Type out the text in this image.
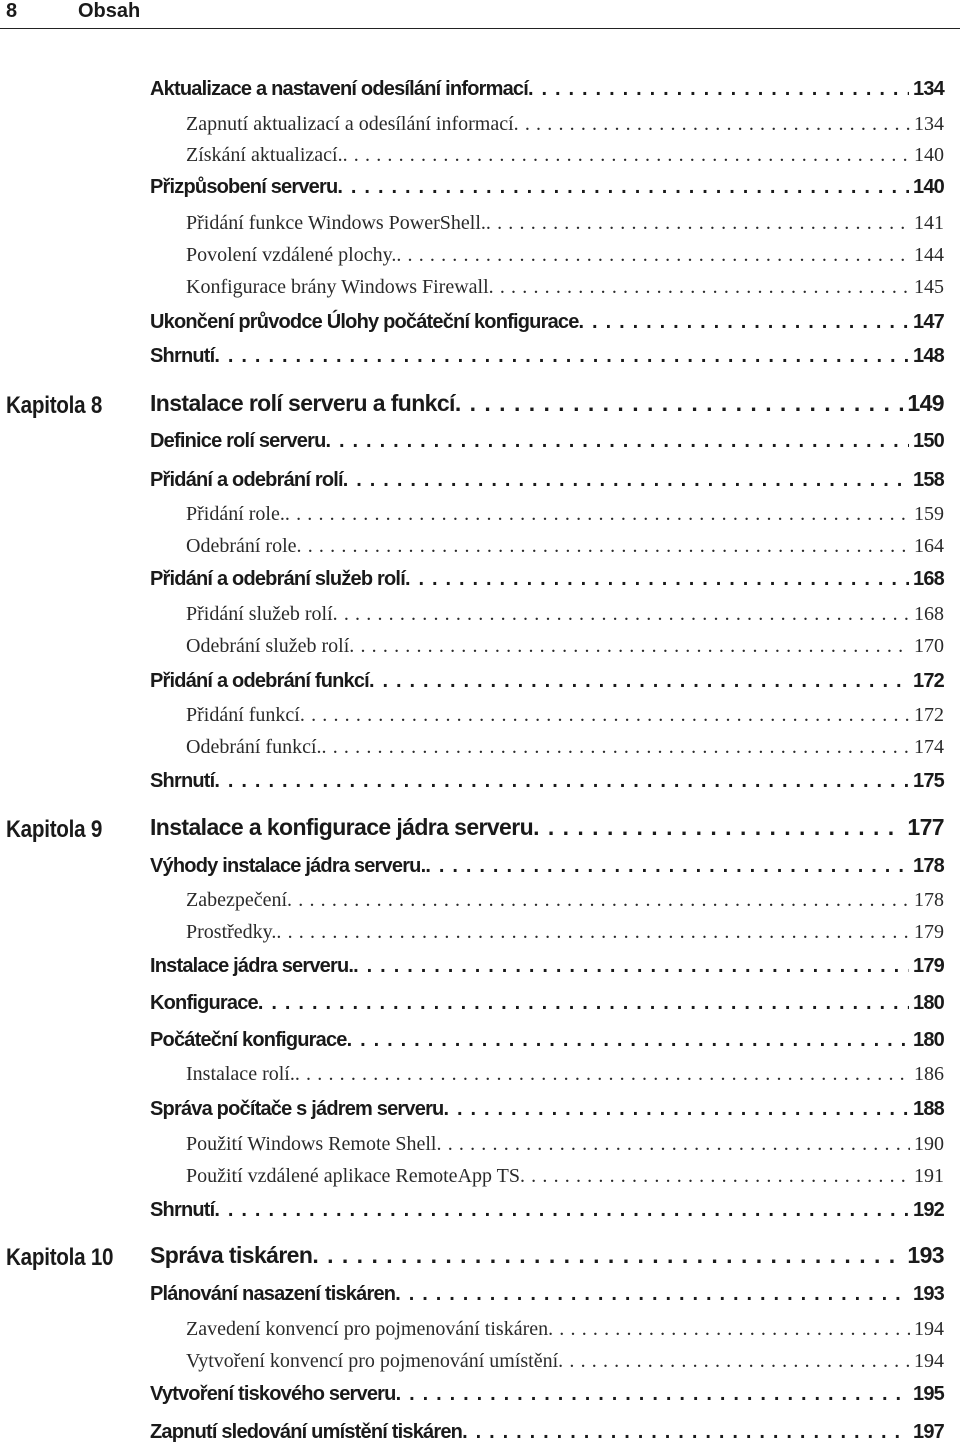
8	Obsah
Aktualizace a nastavení odesílání informací . . .	134
Zapnutí aktualizací a odesílání informací . . .	134
Získání aktualizací. . . .	140
Přizpůsobení serveru . . .	140
Přidání funkce Windows PowerShell. . . .	141
Povolení vzdálené plochy. . . .	144
Konfigurace brány Windows Firewall . . .	145
Ukončení průvodce Úlohy počáteční konfigurace . . .	147
Shrnutí . . .	148
Kapitola 8 Instalace rolí serveru a funkcí . . .	149
Definice rolí serveru . . .	150
Přidání a odebrání rolí . . .	158
Přidání role. . . .	159
Odebrání role . . .	164
Přidání a odebrání služeb rolí . . .	168
Přidání služeb rolí . . .	168
Odebrání služeb rolí . . .	170
Přidání a odebrání funkcí . . .	172
Přidání funkcí . . .	172
Odebrání funkcí. . . .	174
Shrnutí . . .	175
Kapitola 9 Instalace a konfigurace jádra serveru . . .	177
Výhody instalace jádra serveru. . . .	178
Zabezpečení . . .	178
Prostředky. . . .	179
Instalace jádra serveru. . . .	179
Konfigurace . . .	180
Počáteční konfigurace . . .	180
Instalace rolí. . . .	186
Správa počítače s jádrem serveru . . .	188
Použití Windows Remote Shell . . .	190
Použití vzdálené aplikace RemoteApp TS . . .	191
Shrnutí . . .	192
Kapitola 10 Správa tiskáren . . .	193
Plánování nasazení tiskáren . . .	193
Zavedení konvencí pro pojmenování tiskáren . . .	194
Vytvoření konvencí pro pojmenování umístění . . .	194
Vytvoření tiskového serveru . . .	195
Zapnutí sledování umístění tiskáren . . .	197
